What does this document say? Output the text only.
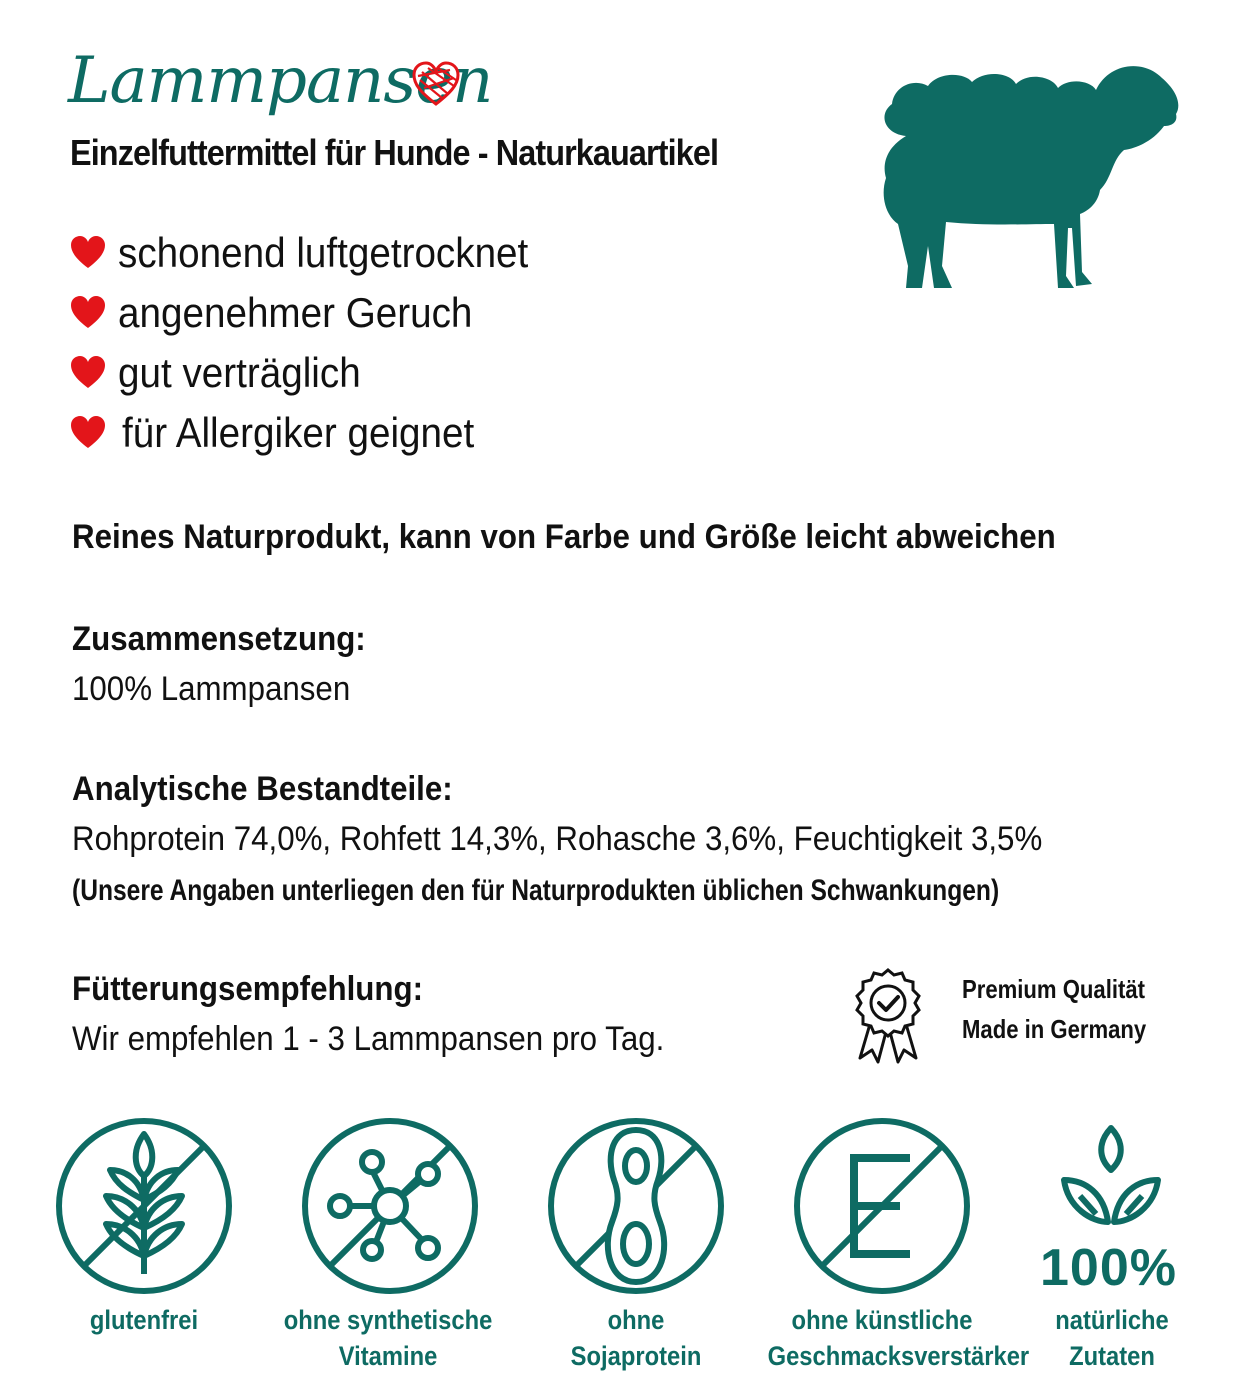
Lammpansen
Einzelfuttermittel für Hunde - Naturkauartikel
schonend luftgetrocknet
angenehmer Geruch
gut verträglich
für Allergiker geignet
Reines Naturprodukt, kann von Farbe und Größe leicht abweichen
Zusammensetzung:
100% Lammpansen
Analytische Bestandteile:
Rohprotein 74,0%, Rohfett 14,3%, Rohasche 3,6%, Feuchtigkeit 3,5%
(Unsere Angaben unterliegen den für Naturprodukten üblichen Schwankungen)
Fütterungsempfehlung:
Wir empfehlen 1 - 3 Lammpansen pro Tag.
Premium Qualität
Made in Germany
glutenfrei	ohne synthetische
Vitamine
ohne
Sojaprotein
ohne künstliche
Geschmacksverstärker
100%
natürliche
Zutaten
